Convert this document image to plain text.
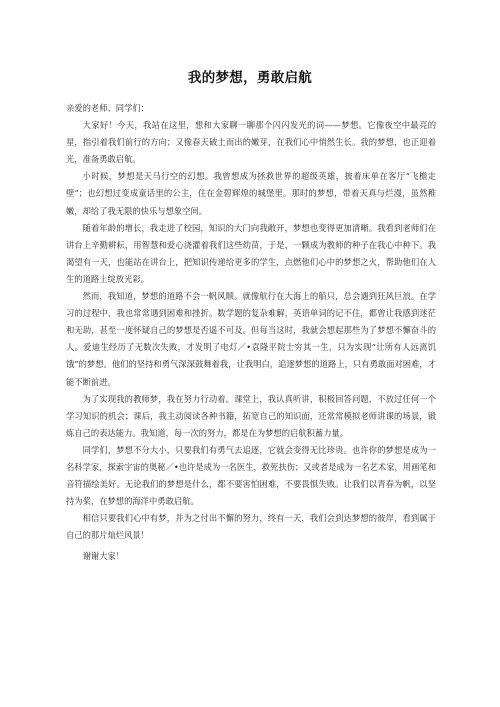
我的梦想，勇敢启航

亲爱的老师、同学们：

大家好！今天，我站在这里，想和大家聊一聊那个闪闪发光的词——梦想。它像夜空中最亮的星，指引着我们前行的方向；又像春天破土而出的嫩芽，在我们心中悄然生长。我的梦想，也正迎着光，准备勇敢启航。

小时候，梦想是天马行空的幻想。我曾想成为拯救世界的超级英雄，披着床单在客厅“飞檐走壁”；也幻想过变成童话里的公主，住在金碧辉煌的城堡里。那时的梦想，带着天真与烂漫，虽然稚嫩，却给了我无限的快乐与想象空间。

随着年龄的增长，我走进了校园，知识的大门向我敞开，梦想也变得更加清晰。我看到老师们在讲台上辛勤耕耘，用智慧和爱心浇灌着我们这些幼苗，于是，一颗成为教师的种子在我心中种下。我渴望有一天，也能站在讲台上，把知识传递给更多的学生，点燃他们心中的梦想之火，帮助他们在人生的道路上绽放光彩。

然而，我知道，梦想的道路不会一帆风顺。就像航行在大海上的船只，总会遇到狂风巨浪。在学习的过程中，我也常常遇到困难和挫折。数学题的复杂难解，英语单词的记不住，都曾让我感到迷茫和无助，甚至一度怀疑自己的梦想是否遥不可及。但每当这时，我就会想起那些为了梦想不懈奋斗的人。爱迪生经历了无数次失败，才发明了电灯／•袁隆平院士穷其一生，只为实现“让所有人远离饥饿”的梦想。他们的坚持和勇气深深鼓舞着我，让我明白，追逐梦想的道路上，只有勇敢面对困难，才能不断前进。

为了实现我的教师梦，我在努力行动着。课堂上，我认真听讲，积极回答问题，不放过任何一个学习知识的机会；课后，我主动阅读各种书籍，拓宽自己的知识面，还常常模拟老师讲课的场景，锻炼自己的表达能力。我知道，每一次的努力，都是在为梦想的启航积蓄力量。

同学们，梦想不分大小，只要我们有勇气去追逐，它就会变得无比珍贵。也许你的梦想是成为一名科学家，探索宇宙的奥秘／•也许是成为一名医生，救死扶伤；又或者是成为一名艺术家，用画笔和音符描绘美好。无论我们的梦想是什么，都不要害怕困难，不要畏惧失败。让我们以青春为帆，以坚持为桨，在梦想的海洋中勇敢启航。

相信只要我们心中有梦，并为之付出不懈的努力，终有一天，我们会到达梦想的彼岸，看到属于自己的那片灿烂风景！

谢谢大家！
